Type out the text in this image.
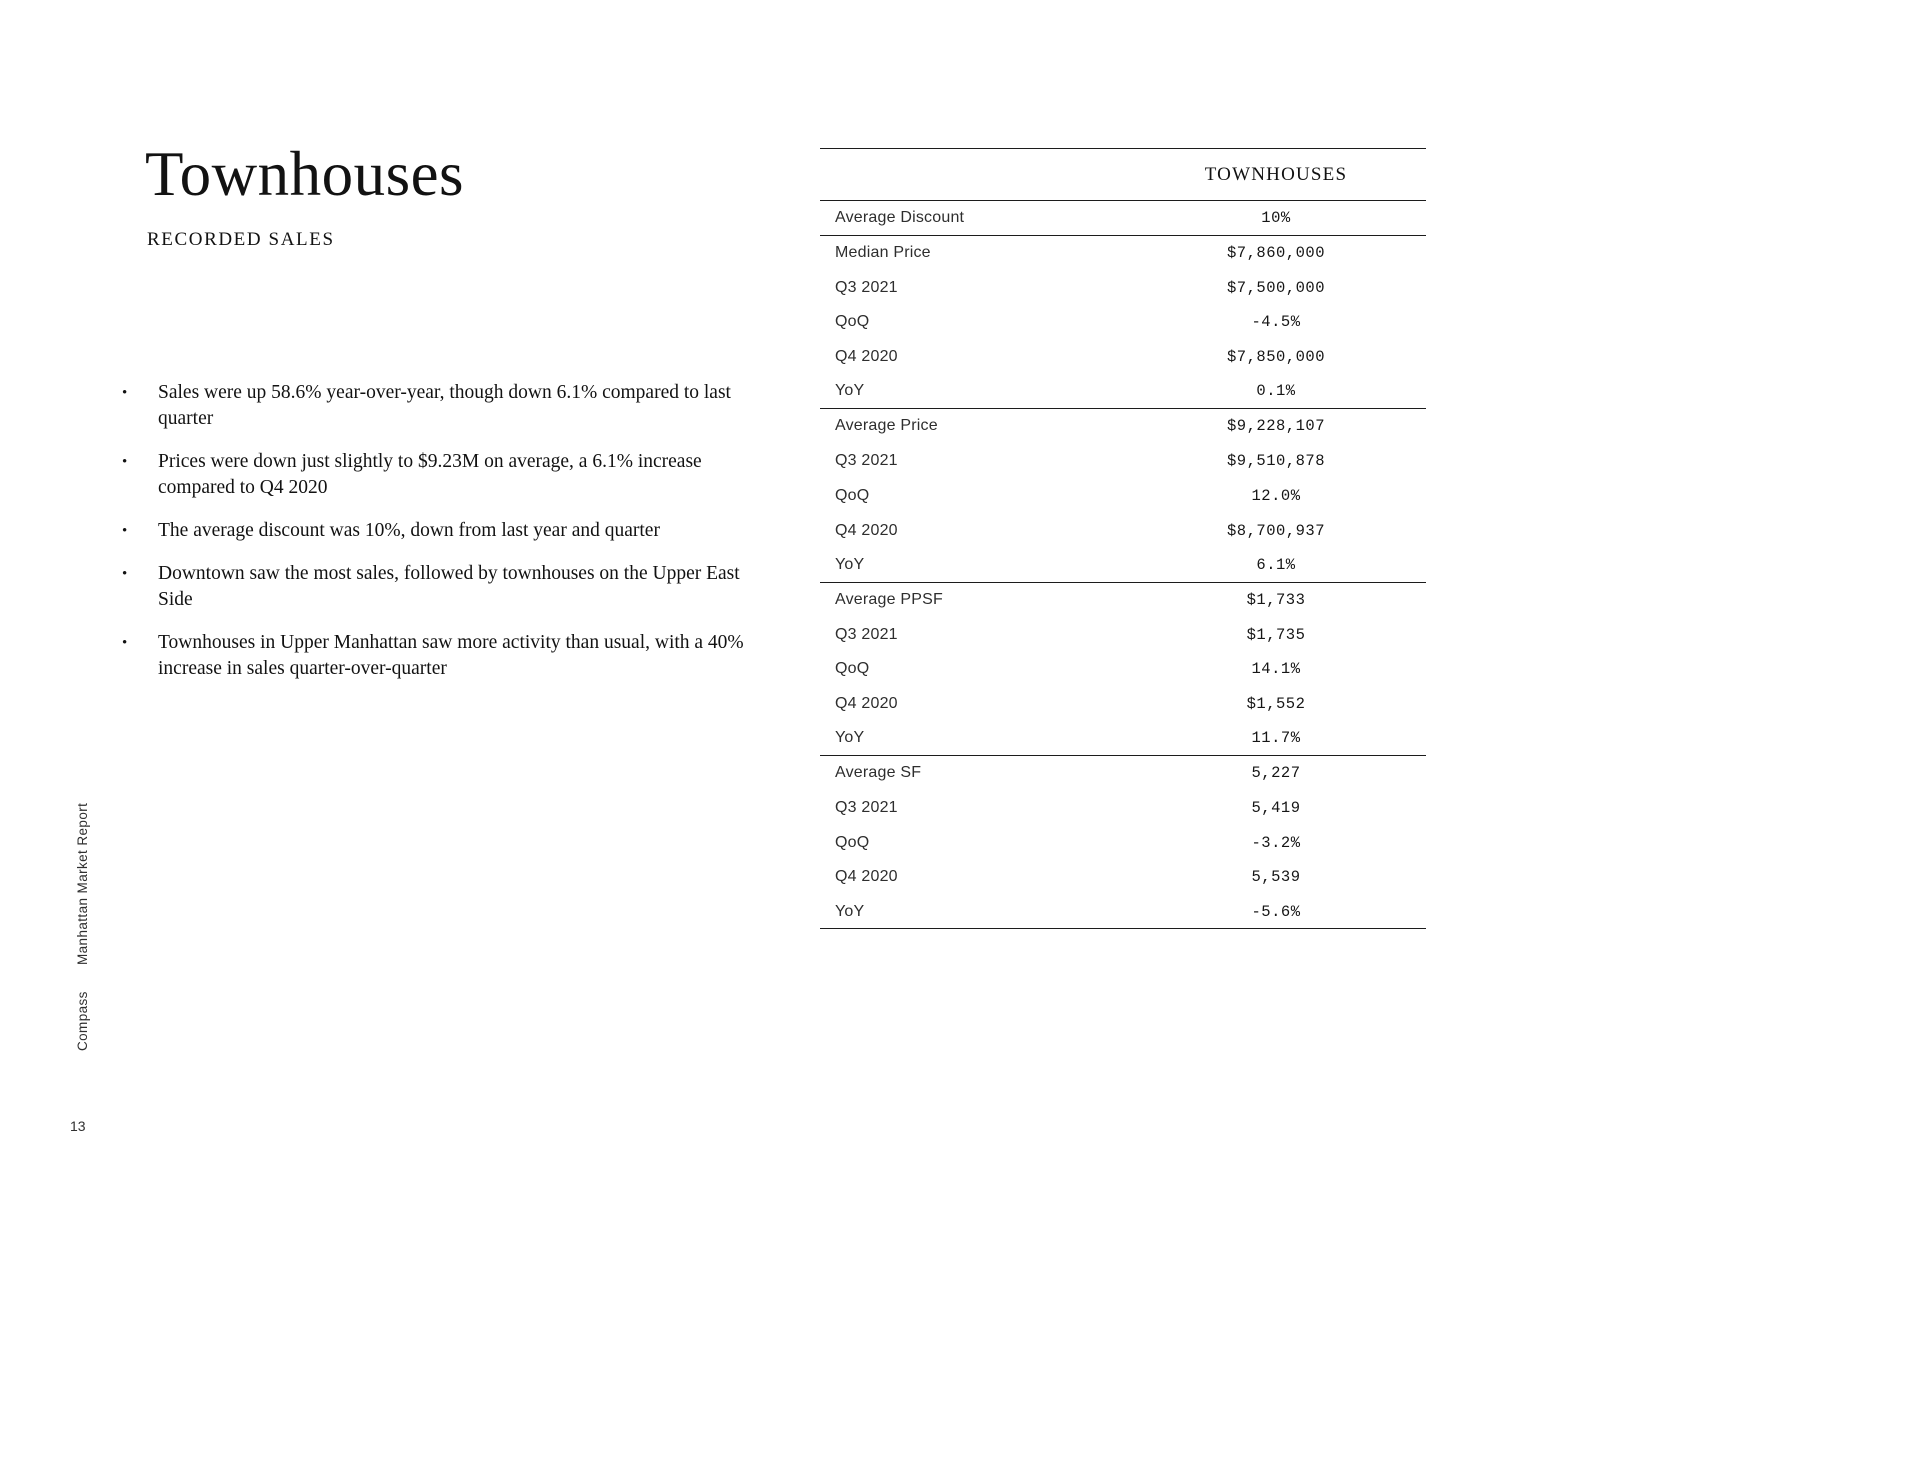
Townhouses
RECORDED SALES
•	Sales were up 58.6% year-over-year, though down 6.1% compared to last quarter
•	Prices were down just slightly to $9.23M on average, a 6.1% increase compared to Q4 2020
•	The average discount was 10%, down from last year and quarter
•	Downtown saw the most sales, followed by townhouses on the Upper East Side
•	Townhouses in Upper Manhattan saw more activity than usual, with a 40% increase in sales quarter-over-quarter
TOWNHOUSES
Average Discount	10%
Median Price	$7,860,000
Q3 2021	$7,500,000
QoQ	-4.5%
Q4 2020	$7,850,000
YoY	0.1%
Average Price	$9,228,107
Q3 2021	$9,510,878
QoQ	12.0%
Q4 2020	$8,700,937
YoY	6.1%
Average PPSF	$1,733
Q3 2021	$1,735
QoQ	14.1%
Q4 2020	$1,552
YoY	11.7%
Average SF	5,227
Q3 2021	5,419
QoQ	-3.2%
Q4 2020	5,539
YoY	-5.6%
Manhattan Market Report
Compass
13
